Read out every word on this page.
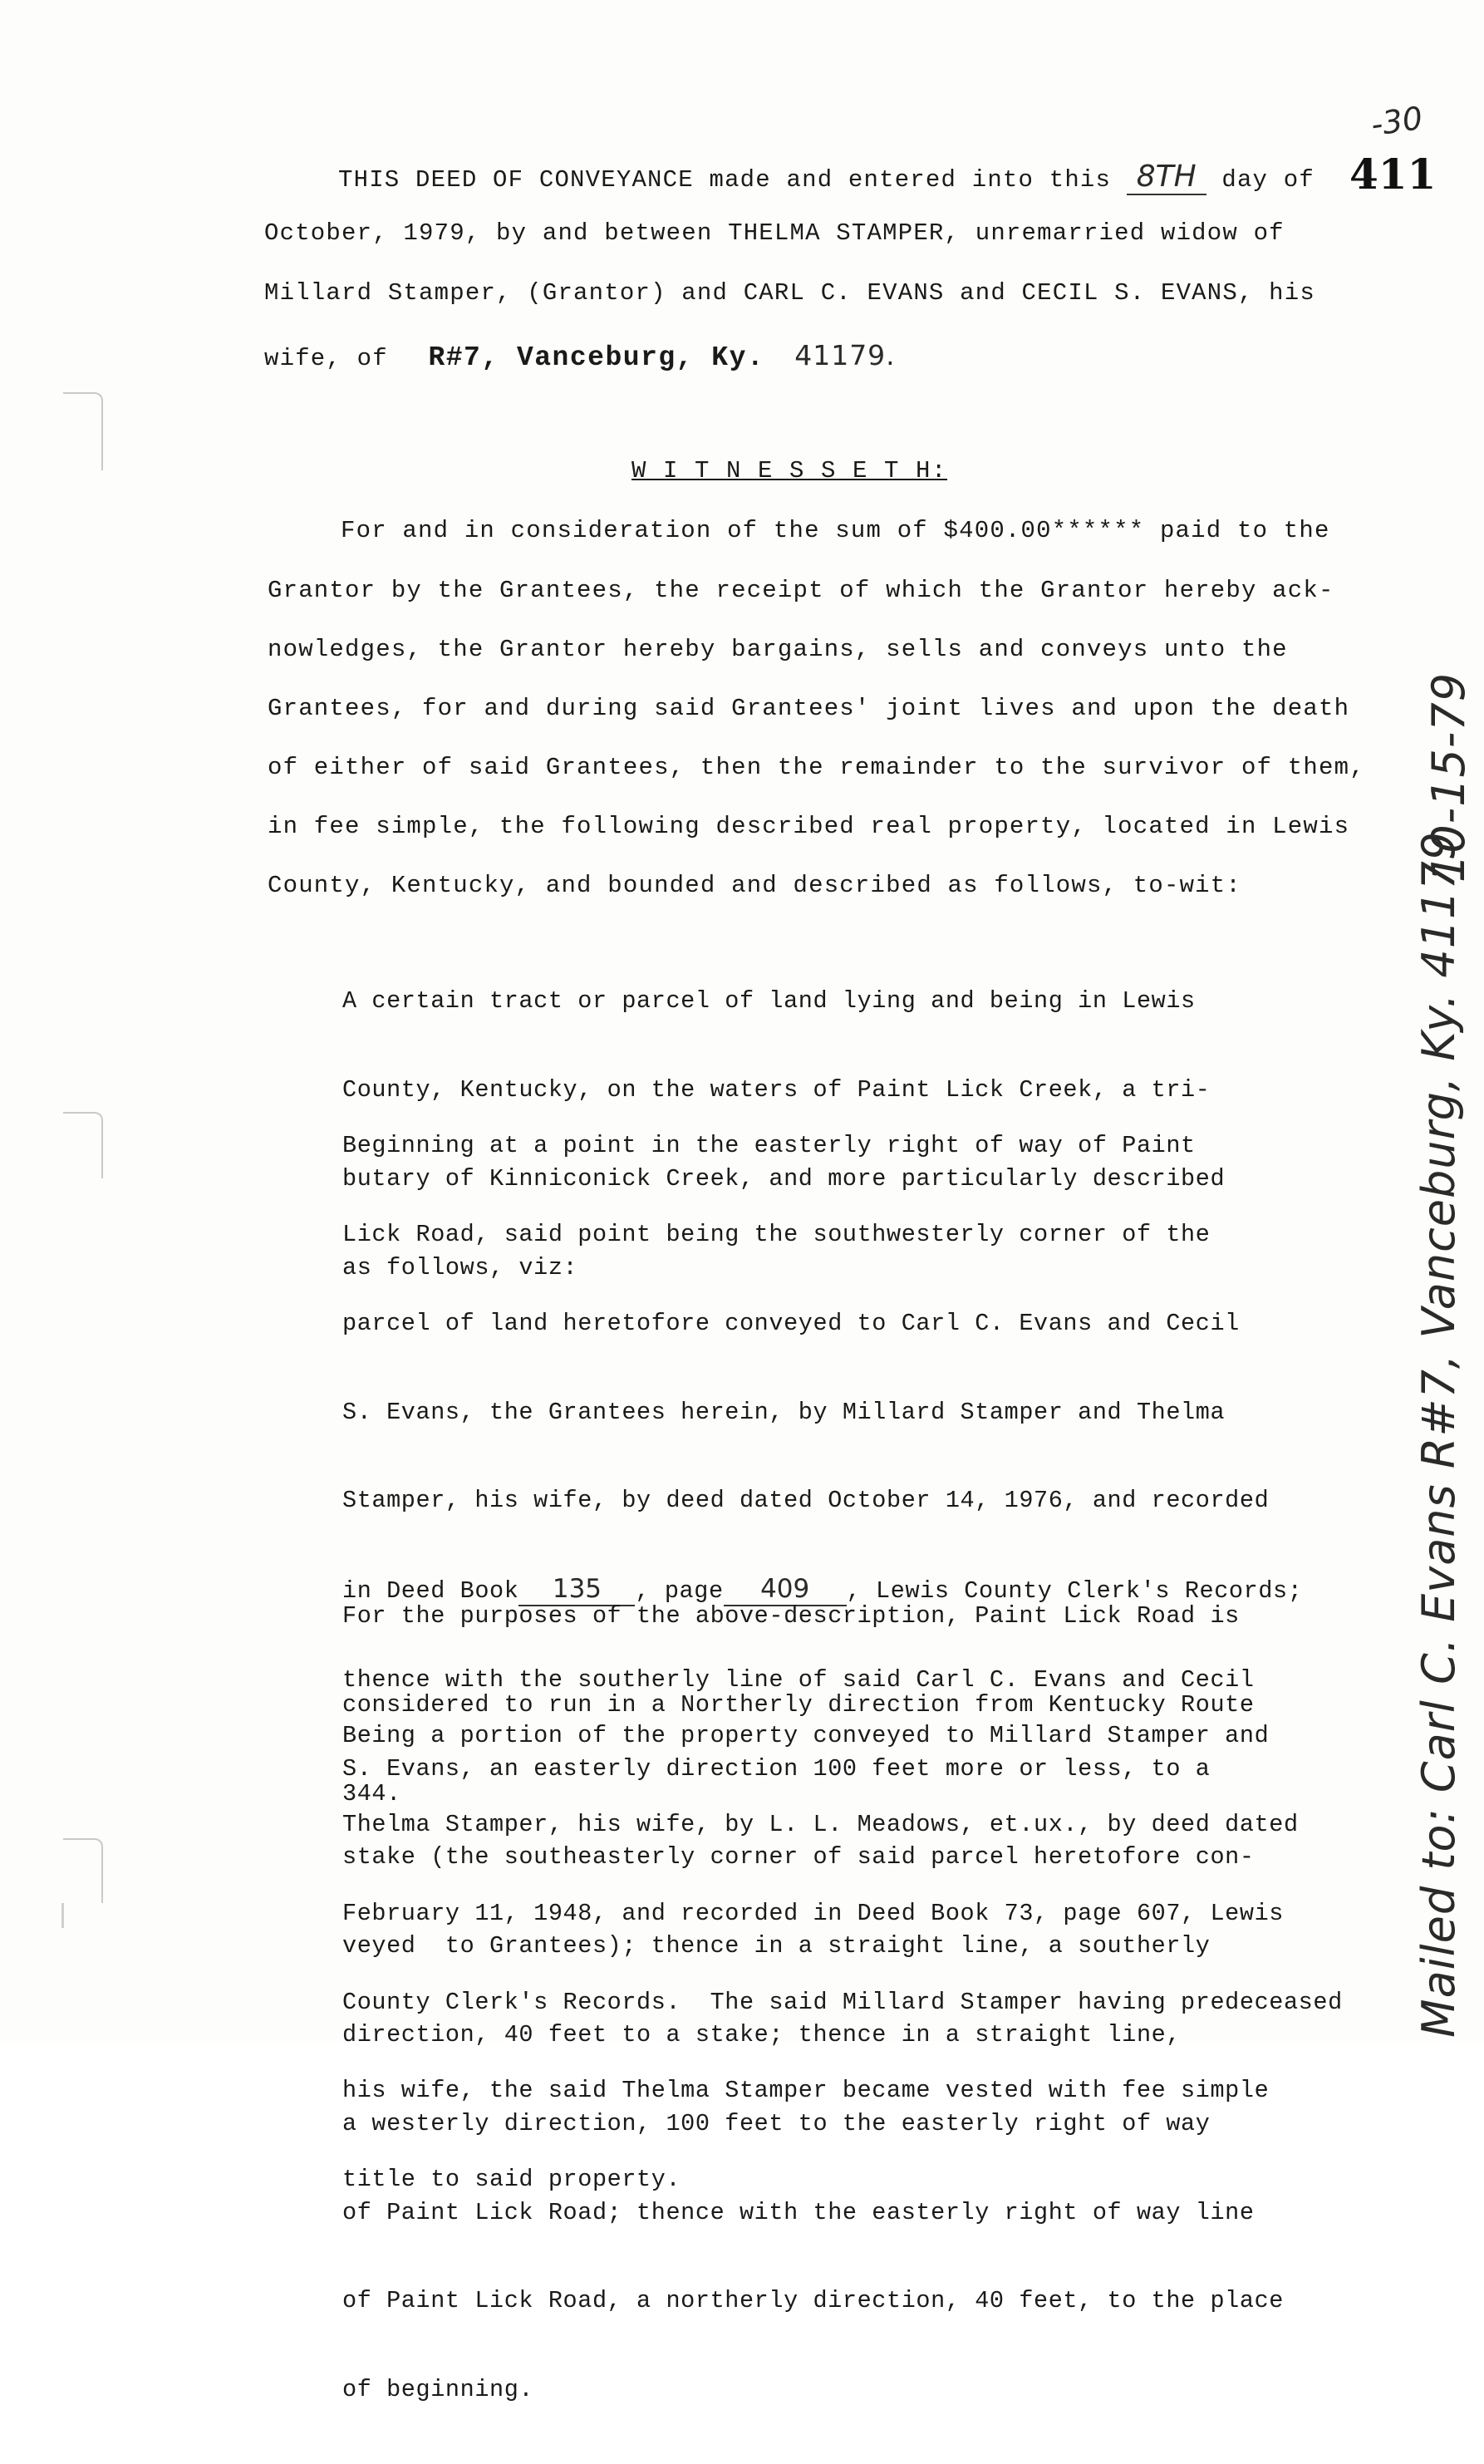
-30
411
THIS DEED OF CONVEYANCE made and entered into this 8TH day of
October, 1979, by and between THELMA STAMPER, unremarried widow of
Millard Stamper, (Grantor) and CARL C. EVANS and CECIL S. EVANS, his
wife, of R#7, Vanceburg, Ky. 41179.
W I T N E S S E T H:
For and in consideration of the sum of $400.00****** paid to the
Grantor by the Grantees, the receipt of which the Grantor hereby ack-
nowledges, the Grantor hereby bargains, sells and conveys unto the
Grantees, for and during said Grantees' joint lives and upon the death
of either of said Grantees, then the remainder to the survivor of them,
in fee simple, the following described real property, located in Lewis
County, Kentucky, and bounded and described as follows, to-wit:

A certain tract or parcel of land lying and being in Lewis

County, Kentucky, on the waters of Paint Lick Creek, a tri-

butary of Kinniconick Creek, and more particularly described

as follows, viz:

Beginning at a point in the easterly right of way of Paint

Lick Road, said point being the southwesterly corner of the

parcel of land heretofore conveyed to Carl C. Evans and Cecil

S. Evans, the Grantees herein, by Millard Stamper and Thelma

Stamper, his wife, by deed dated October 14, 1976, and recorded

in Deed Book 135 , page 409 , Lewis County Clerk's Records;

thence with the southerly line of said Carl C. Evans and Cecil

S. Evans, an easterly direction 100 feet more or less, to a

stake (the southeasterly corner of said parcel heretofore con-

veyed  to Grantees); thence in a straight line, a southerly

direction, 40 feet to a stake; thence in a straight line,

a westerly direction, 100 feet to the easterly right of way

of Paint Lick Road; thence with the easterly right of way line

of Paint Lick Road, a northerly direction, 40 feet, to the place

of beginning.

For the purposes of the above-description, Paint Lick Road is

considered to run in a Northerly direction from Kentucky Route

344.

Being a portion of the property conveyed to Millard Stamper and

Thelma Stamper, his wife, by L. L. Meadows, et.ux., by deed dated

February 11, 1948, and recorded in Deed Book 73, page 607, Lewis

County Clerk's Records.  The said Millard Stamper having predeceased

his wife, the said Thelma Stamper became vested with fee simple

title to said property.

Mailed to: Carl C. Evans R#7, Vanceburg, Ky. 41179
10-15-79
